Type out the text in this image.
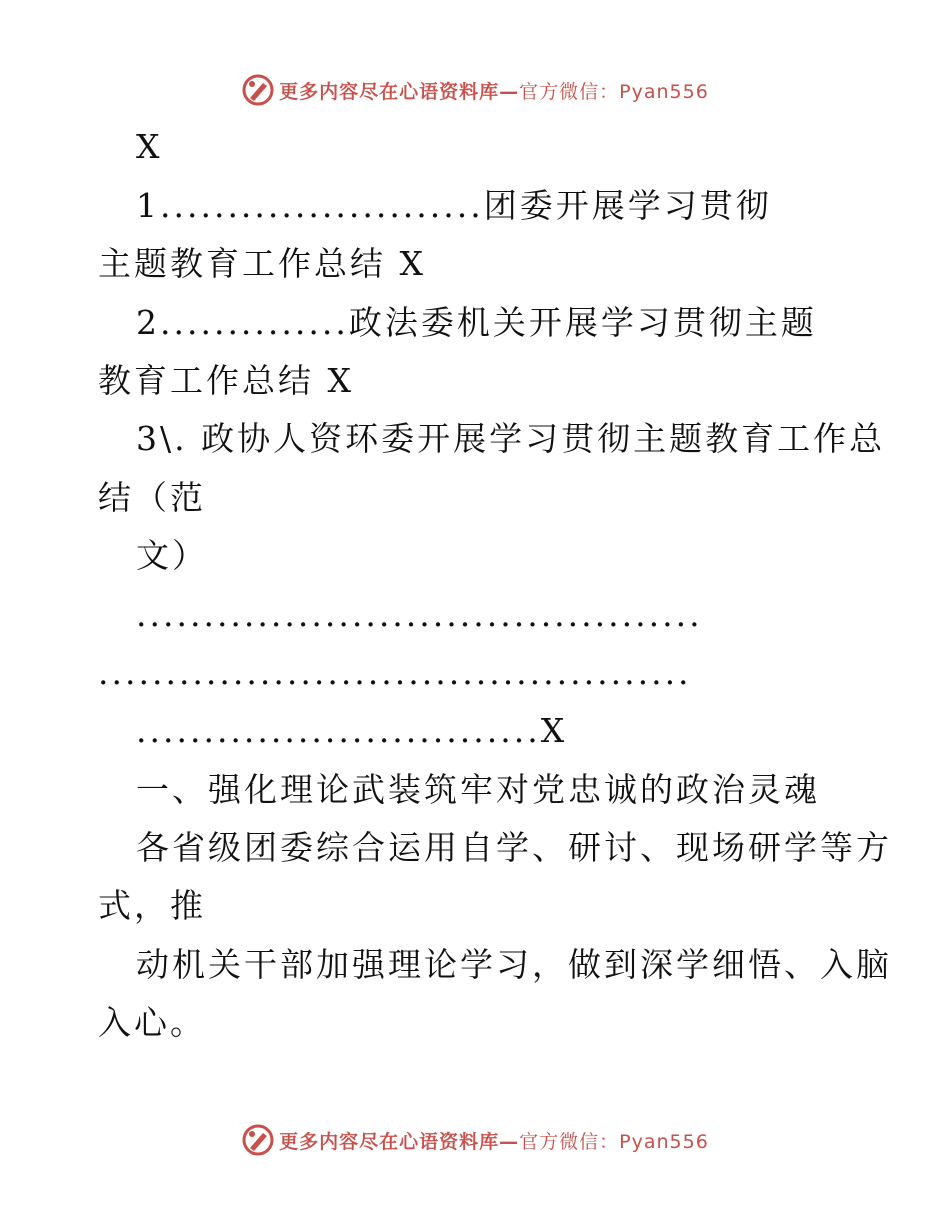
更多内容尽在心语资料库—官方微信：Pyan556
X
1........................团委开展学习贯彻
主题教育工作总结 X
2..............政法委机关开展学习贯彻主题
教育工作总结 X
3\. 政协人资环委开展学习贯彻主题教育工作总
结（范
文）
..........................................
............................................
..............................X
一、强化理论武装筑牢对党忠诚的政治灵魂
各省级团委综合运用自学、研讨、现场研学等方
式，推
动机关干部加强理论学习，做到深学细悟、入脑
入心。
更多内容尽在心语资料库—官方微信：Pyan556
